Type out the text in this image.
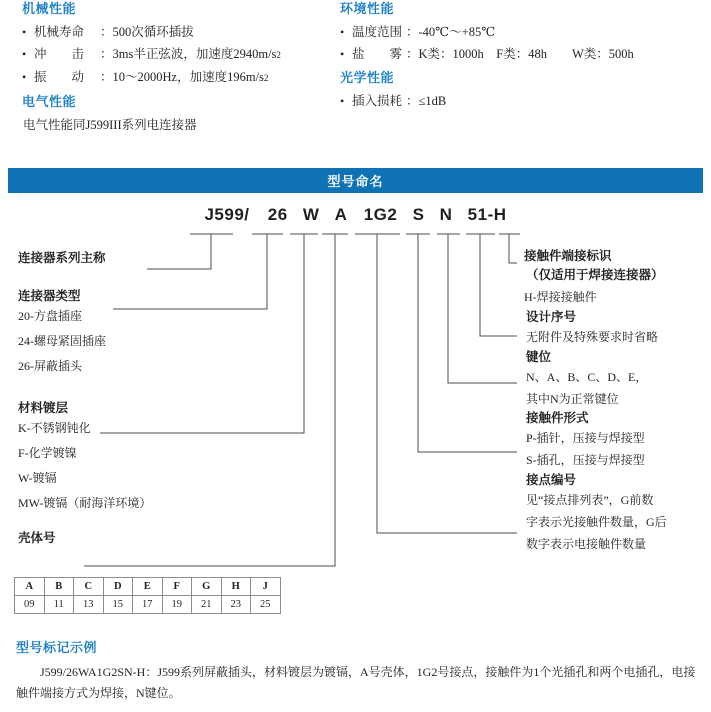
机械性能
• 机械寿命	： 500次循环插拔
• 冲　　击	： 3ms半正弦波，加速度2940m/s 2
• 振　　动	： 10～2000Hz，加速度196m/s 2
电气性能
电气性能同J599III系列电连接器
环境性能
• 温度范围 ： -40℃～+85℃
• 盐　　雾 ： K类：1000h　F类：48h　　W类：500h
光学性能
• 插入损耗 ： ≤1dB
型号命名
J599/ 26 W A 1G2 S N 51-H
连接器系列主称
连接器类型
20-方盘插座
24-螺母紧固插座
26-屏蔽插头
材料镀层
K-不锈钢钝化
F-化学镀镍
W-镀镉
MW-镀镉（耐海洋环境）
壳体号
接触件端接标识
（仅适用于焊接连接器）
H-焊接接触件
设计序号
无附件及特殊要求时省略
键位
N、A、B、C、D、E，
其中N为正常键位
接触件形式
P-插针，压接与焊接型
S-插孔，压接与焊接型
接点编号
见“接点排列表”，G前数
字表示光接触件数量，G后
数字表示电接触件数量
A	B	C	D	E	F	G	H	J
09	11	13	15	17	19	21	23	25
型号标记示例
J599/26WA1G2SN-H：J599系列屏蔽插头，材料镀层为镀镉，A号壳体，1G2号接点，接触件为1个光插孔和两个电插孔，电接触件端接方式为焊接，N键位。
